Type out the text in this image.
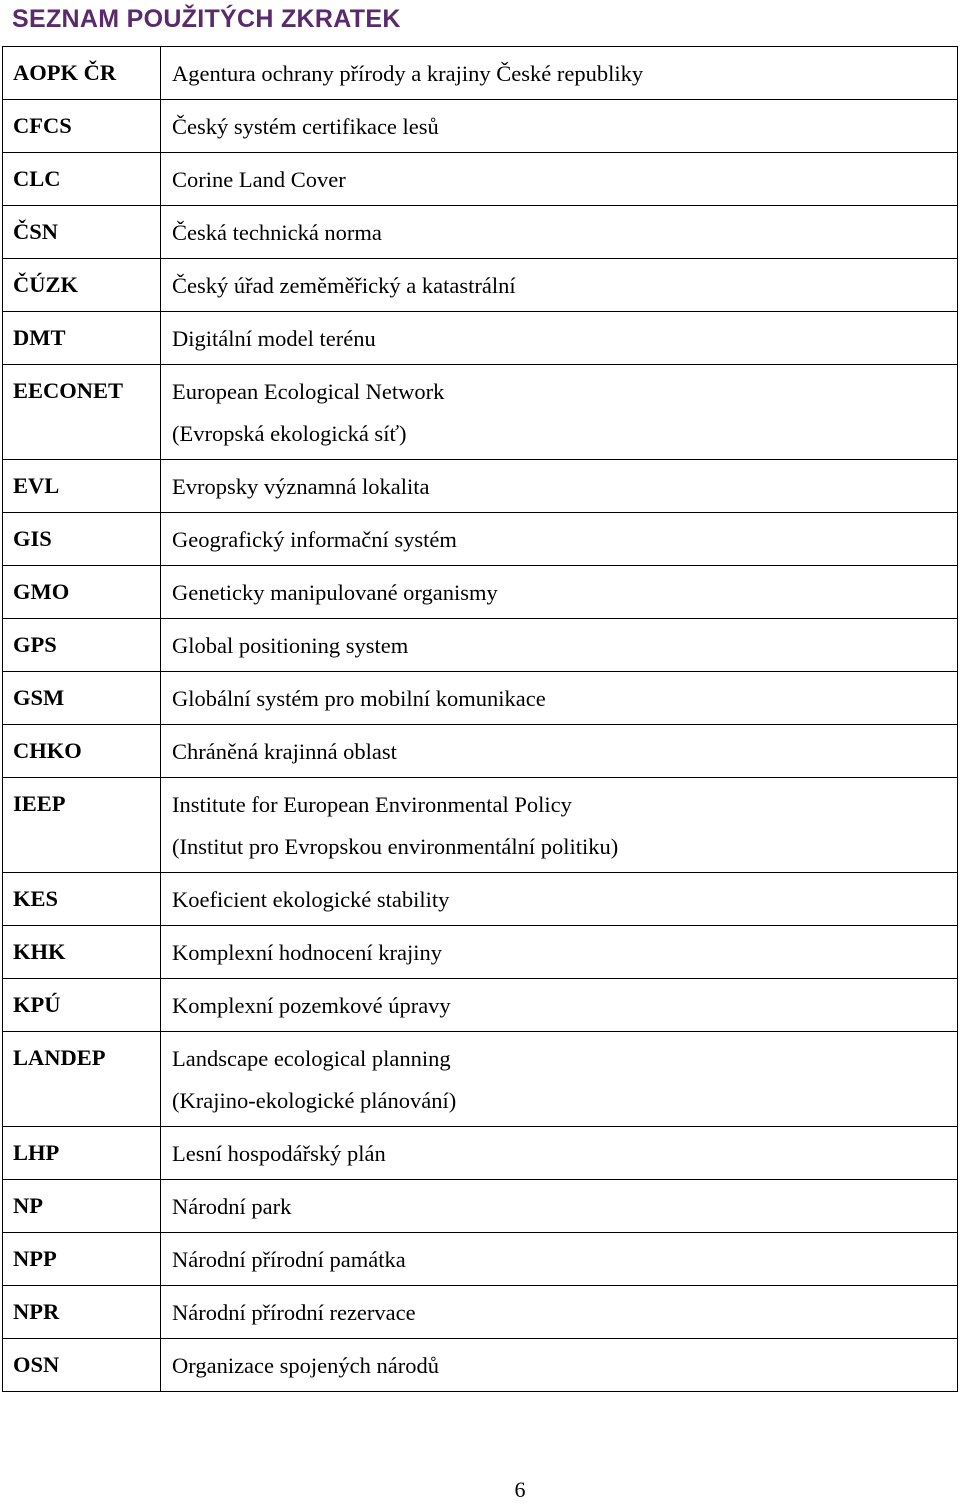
SEZNAM POUŽITÝCH ZKRATEK
AOPK ČR	Agentura ochrany přírody a krajiny České republiky

CFCS	Český systém certifikace lesů

CLC	Corine Land Cover

ČSN	Česká technická norma

ČÚZK	Český úřad zeměměřický a katastrální

DMT	Digitální model terénu

EECONET	European Ecological Network
(Evropská ekologická síť)

EVL	Evropsky významná lokalita

GIS	Geografický informační systém

GMO	Geneticky manipulované organismy

GPS	Global positioning system

GSM	Globální systém pro mobilní komunikace

CHKO	Chráněná krajinná oblast

IEEP	Institute for European Environmental Policy
(Institut pro Evropskou environmentální politiku)

KES	Koeficient ekologické stability

KHK	Komplexní hodnocení krajiny

KPÚ	Komplexní pozemkové úpravy

LANDEP	Landscape ecological planning
(Krajino-ekologické plánování)

LHP	Lesní hospodářský plán

NP	Národní park

NPP	Národní přírodní památka

NPR	Národní přírodní rezervace

OSN	Organizace spojených národů
6
